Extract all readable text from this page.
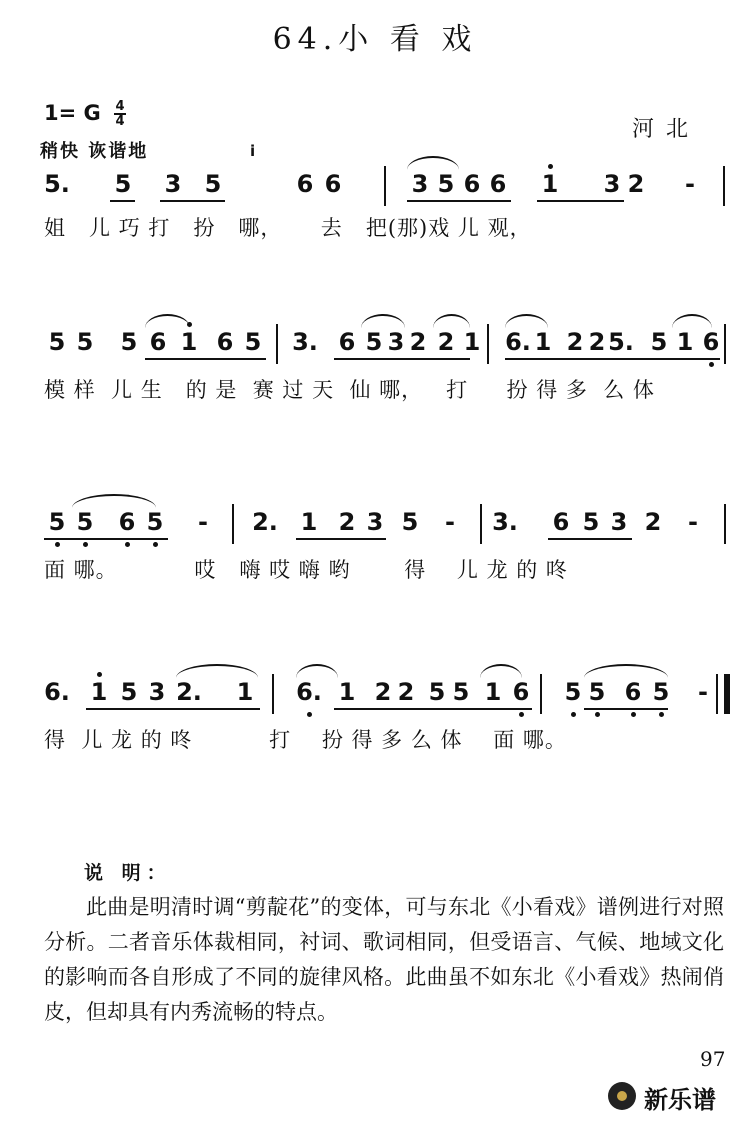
64.小 看 戏
1= G $\frac{4}{4}$
河北
稍快 诙谐地
5. 5 3 5	6 6	3 5 6 6 1 3 2	-
i
姐   儿 巧 打   扮   哪，     去   把(那)戏 儿 观，
5 5 5 6 1 6 5 3. 6 5 3 2 2 1 6. 1 2 2 5. 5 1 6
模 样  儿 生   的 是  赛 过 天  仙 哪，   打     扮 得 多  么 体
5 5 6 5	-	2. 1 2 3 5	-	3. 6 5 3 2	-
面 哪。          哎   嗨 哎 嗨 哟       得    儿 龙 的 咚
6. 1 5 3 2. 1 6. 1 2 2 5 5 1 6 5 5 6 5	-
得  儿 龙 的 咚          打    扮 得 多 么 体    面 哪。
说 明：
此曲是明清时调“剪靛花”的变体，可与东北《小看戏》谱例进行对照分析。二者音乐体裁相同，衬词、歌词相同，但受语言、气候、地域文化的影响而各自形成了不同的旋律风格。此曲虽不如东北《小看戏》热闹俏皮，但却具有内秀流畅的特点。
97
新乐谱
